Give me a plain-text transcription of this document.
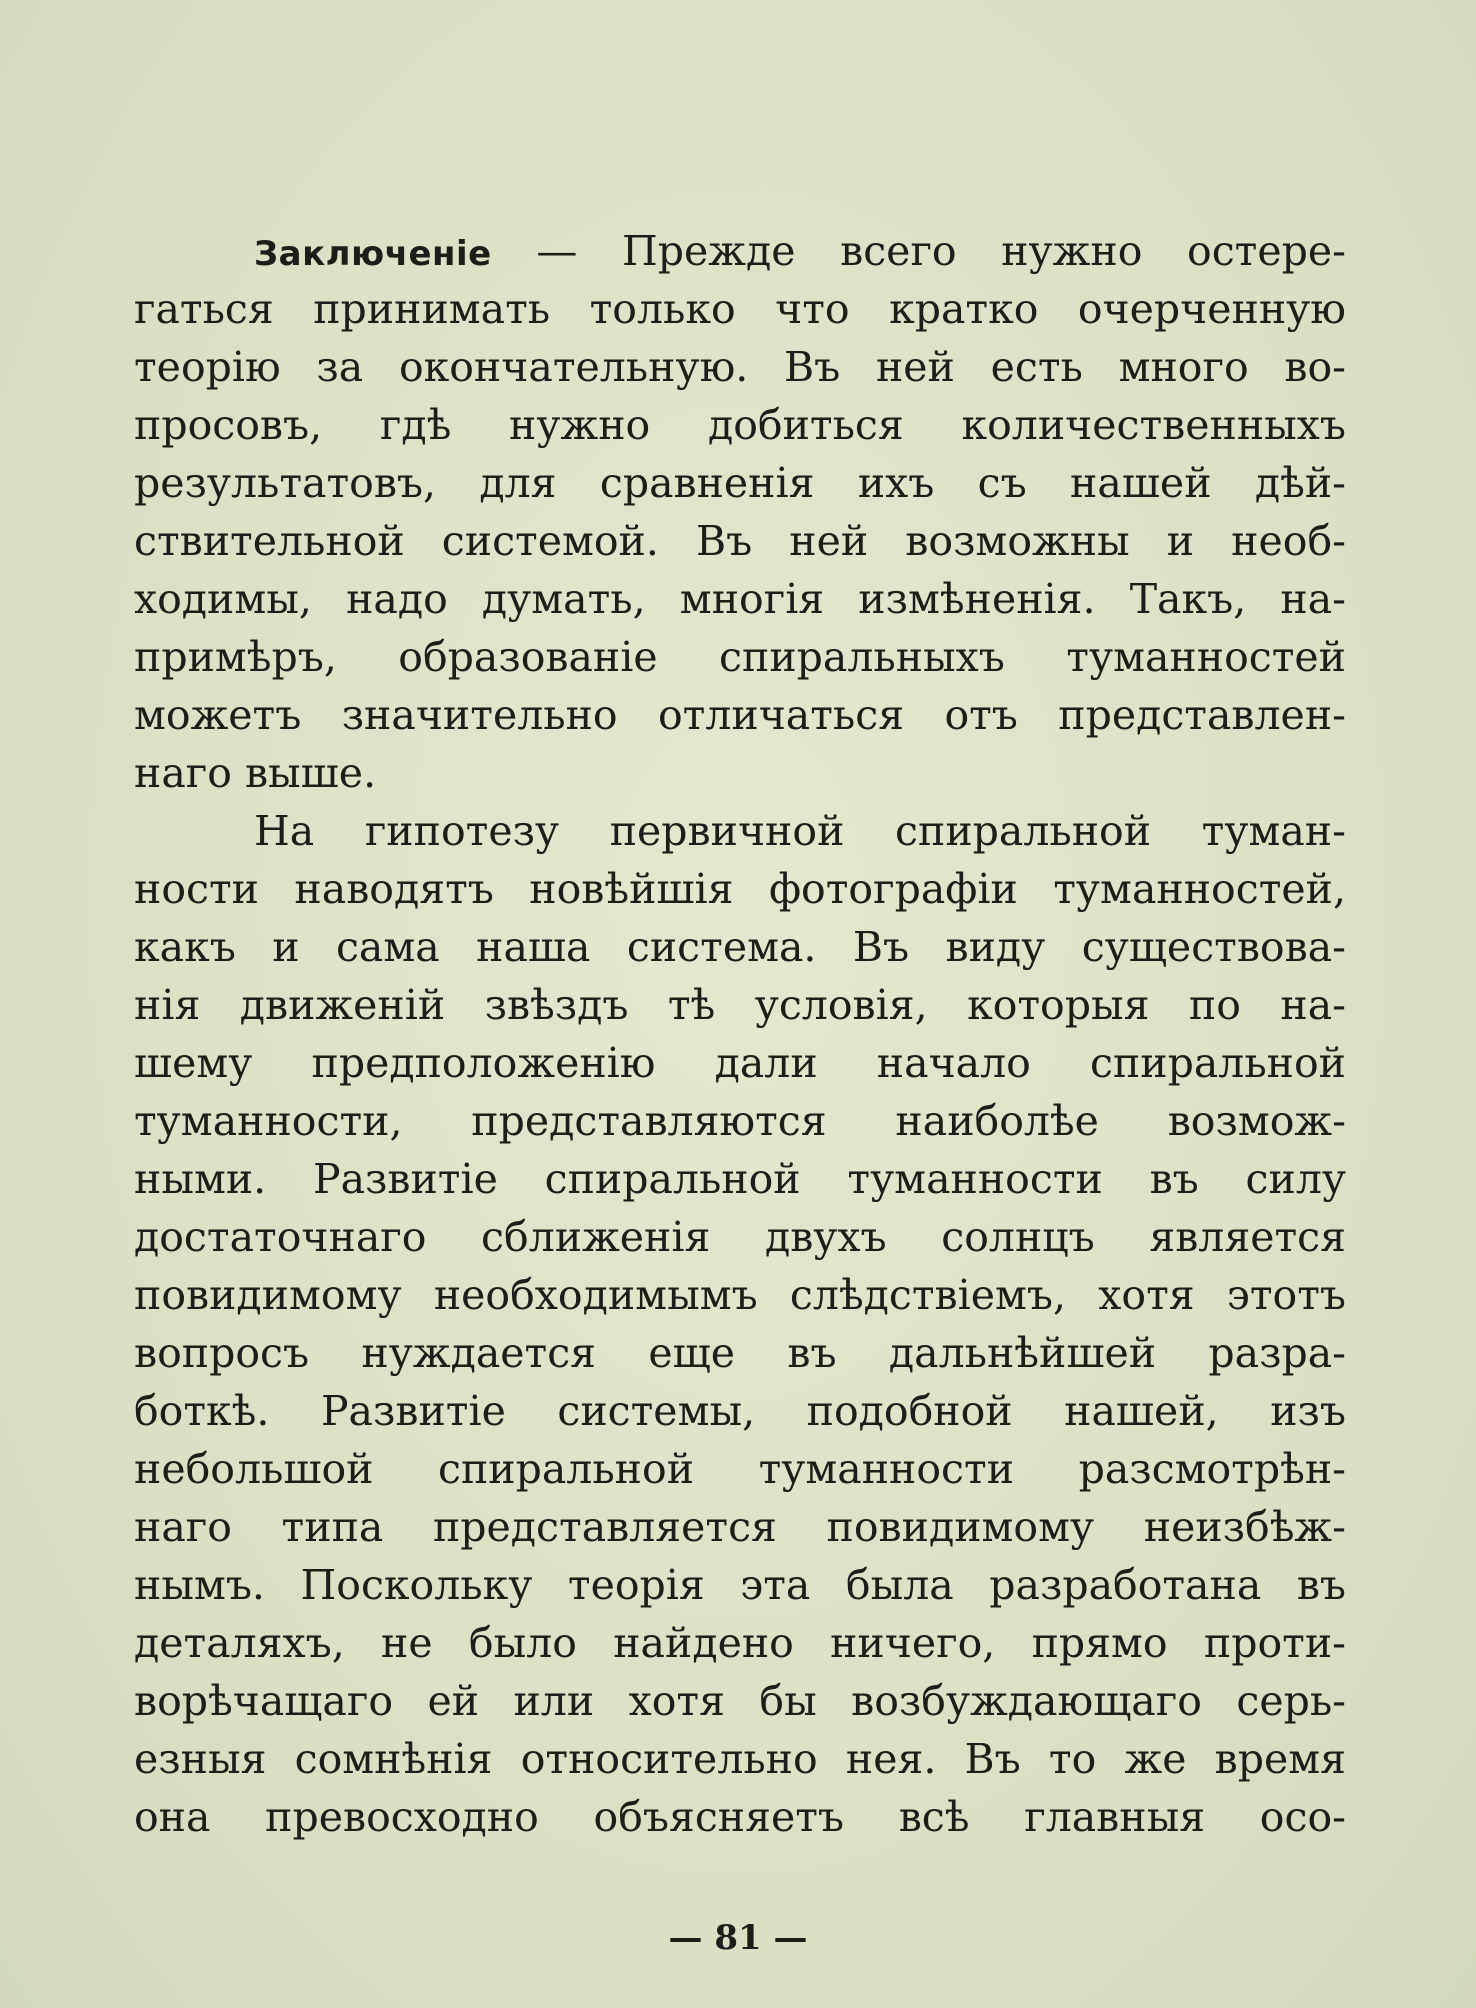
Заключенie — Прежде всего нужно остере-
гаться принимать только что кратко очерченную
теорію за окончательную. Въ ней есть много во-
просовъ, гдѣ нужно добиться количественныхъ
результатовъ, для сравненія ихъ съ нашей дѣй-
ствительной системой. Въ ней возможны и необ-
ходимы, надо думать, многія измѣненія. Такъ, на-
примѣръ, образованіе спиральныхъ туманностей
можетъ значительно отличаться отъ представлен-
наго выше.
На гипотезу первичной спиральной туман-
ности наводятъ новѣйшія фотографіи туманностей,
какъ и сама наша система. Въ виду существова-
нія движеній звѣздъ тѣ условія, которыя по на-
шему предположенію дали начало спиральной
туманности, представляются наиболѣе возмож-
ными. Развитіе спиральной туманности въ силу
достаточнаго сближенія двухъ солнцъ является
повидимому необходимымъ слѣдствіемъ, хотя этотъ
вопросъ нуждается еще въ дальнѣйшей разра-
боткѣ. Развитіе системы, подобной нашей, изъ
небольшой спиральной туманности разсмотрѣн-
наго типа представляется повидимому неизбѣж-
нымъ. Поскольку теорія эта была разработана въ
деталяхъ, не было найдено ничего, прямо проти-
ворѣчащаго ей или хотя бы возбуждающаго серь-
езныя сомнѣнія относительно нея. Въ то же время
она превосходно объясняетъ всѣ главныя осо-
— 81 —
